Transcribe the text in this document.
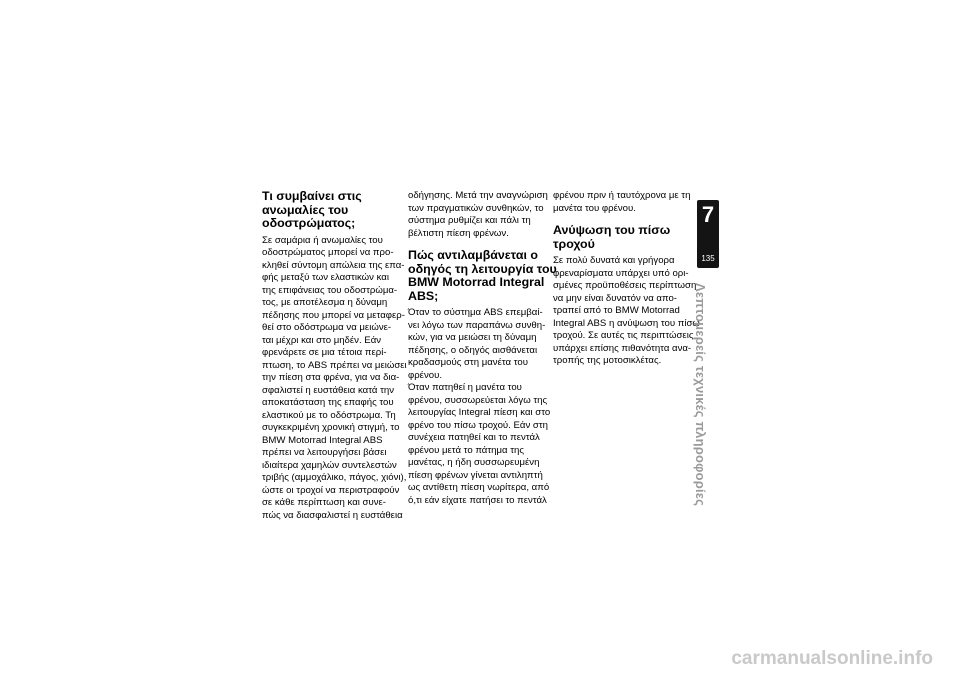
Τι συμβαίνει στις
ανωμαλίες του
οδοστρώματος;

Σε σαμάρια ή ανωμαλίες του
οδοστρώματος μπορεί να προ-
κληθεί σύντομη απώλεια της επα-
φής μεταξύ των ελαστικών και
της επιφάνειας του οδοστρώμα-
τος, με αποτέλεσμα η δύναμη
πέδησης που μπορεί να μεταφερ-
θεί στο οδόστρωμα να μειώνε-
ται μέχρι και στο μηδέν. Εάν
φρενάρετε σε μια τέτοια περί-
πτωση, το ABS πρέπει να μειώσει
την πίεση στα φρένα, για να δια-
σφαλιστεί η ευστάθεια κατά την
αποκατάσταση της επαφής του
ελαστικού με το οδόστρωμα. Τη
συγκεκριμένη χρονική στιγμή, το
BMW Motorrad Integral ABS
πρέπει να λειτουργήσει βάσει
ιδιαίτερα χαμηλών συντελεστών
τριβής (αμμοχάλικο, πάγος, χιόνι),
ώστε οι τροχοί να περιστραφούν
σε κάθε περίπτωση και συνε-
πώς να διασφαλιστεί η ευστάθεια

οδήγησης. Μετά την αναγνώριση
των πραγματικών συνθηκών, το
σύστημα ρυθμίζει και πάλι τη
βέλτιστη πίεση φρένων.

Πώς αντιλαμβάνεται ο
οδηγός τη λειτουργία του
BMW Motorrad Integral
ABS;

Όταν το σύστημα ABS επεμβαί-
νει λόγω των παραπάνω συνθη-
κών, για να μειώσει τη δύναμη
πέδησης, ο οδηγός αισθάνεται
κραδασμούς στη μανέτα του
φρένου.
Όταν πατηθεί η μανέτα του
φρένου, συσσωρεύεται λόγω της
λειτουργίας Integral πίεση και στο
φρένο του πίσω τροχού. Εάν στη
συνέχεια πατηθεί και το πεντάλ
φρένου μετά το πάτημα της
μανέτας, η ήδη συσσωρευμένη
πίεση φρένων γίνεται αντιληπτή
ως αντίθετη πίεση νωρίτερα, από
ό,τι εάν είχατε πατήσει το πεντάλ

φρένου πριν ή ταυτόχρονα με τη
μανέτα του φρένου.

Ανύψωση του πίσω
τροχού

Σε πολύ δυνατά και γρήγορα
φρεναρίσματα υπάρχει υπό ορι-
σμένες προϋποθέσεις περίπτωση
να μην είναι δυνατόν να απο-
τραπεί από το BMW Motorrad
Integral ABS η ανύψωση του πίσω
τροχού. Σε αυτές τις περιπτώσεις
υπάρχει επίσης πιθανότητα ανα-
τροπής της μοτοσικλέτας.

7
135
Λεπτομερείς τεχνικές πληροφορίες
carmanualsonline.info
